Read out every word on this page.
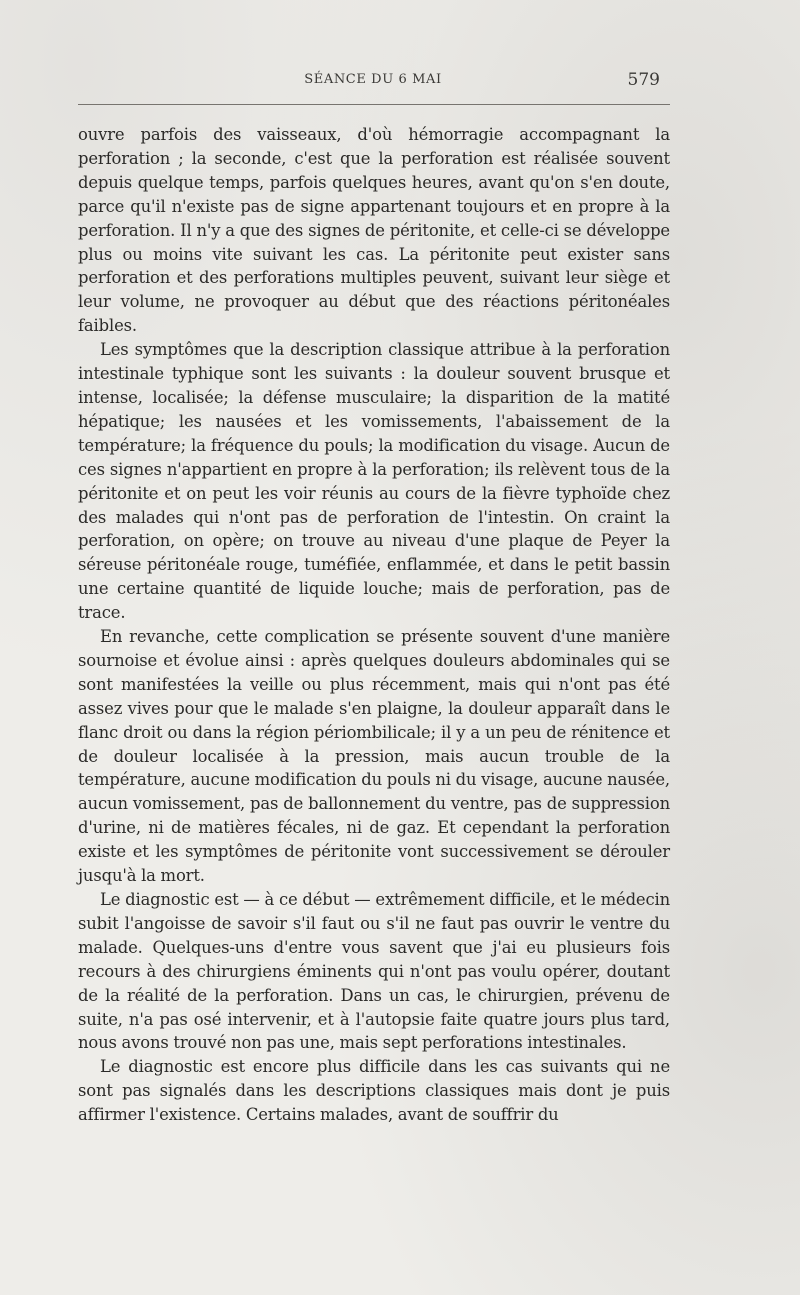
SÉANCE DU 6 MAI	579

ouvre parfois des vaisseaux, d'où hémorragie accompagnant la perforation ; la seconde, c'est que la perforation est réalisée souvent depuis quelque temps, parfois quelques heures, avant qu'on s'en doute, parce qu'il n'existe pas de signe appartenant toujours et en propre à la perforation. Il n'y a que des signes de péritonite, et celle-ci se développe plus ou moins vite suivant les cas. La péritonite peut exister sans perforation et des perforations multiples peuvent, suivant leur siège et leur volume, ne provoquer au début que des réactions péritonéales faibles.

Les symptômes que la description classique attribue à la perforation intestinale typhique sont les suivants : la douleur souvent brusque et intense, localisée; la défense musculaire; la disparition de la matité hépatique; les nausées et les vomissements, l'abaissement de la température; la fréquence du pouls; la modification du visage. Aucun de ces signes n'appartient en propre à la perforation; ils relèvent tous de la péritonite et on peut les voir réunis au cours de la fièvre typhoïde chez des malades qui n'ont pas de perforation de l'intestin. On craint la perforation, on opère; on trouve au niveau d'une plaque de Peyer la séreuse péritonéale rouge, tuméfiée, enflammée, et dans le petit bassin une certaine quantité de liquide louche; mais de perforation, pas de trace.

En revanche, cette complication se présente souvent d'une manière sournoise et évolue ainsi : après quelques douleurs abdominales qui se sont manifestées la veille ou plus récemment, mais qui n'ont pas été assez vives pour que le malade s'en plaigne, la douleur apparaît dans le flanc droit ou dans la région périombilicale; il y a un peu de rénitence et de douleur localisée à la pression, mais aucun trouble de la température, aucune modification du pouls ni du visage, aucune nausée, aucun vomissement, pas de ballonnement du ventre, pas de suppression d'urine, ni de matières fécales, ni de gaz. Et cependant la perforation existe et les symptômes de péritonite vont successivement se dérouler jusqu'à la mort.

Le diagnostic est — à ce début — extrêmement difficile, et le médecin subit l'angoisse de savoir s'il faut ou s'il ne faut pas ouvrir le ventre du malade. Quelques-uns d'entre vous savent que j'ai eu plusieurs fois recours à des chirurgiens éminents qui n'ont pas voulu opérer, doutant de la réalité de la perforation. Dans un cas, le chirurgien, prévenu de suite, n'a pas osé intervenir, et à l'autopsie faite quatre jours plus tard, nous avons trouvé non pas une, mais sept perforations intestinales.

Le diagnostic est encore plus difficile dans les cas suivants qui ne sont pas signalés dans les descriptions classiques mais dont je puis affirmer l'existence. Certains malades, avant de souffrir du
